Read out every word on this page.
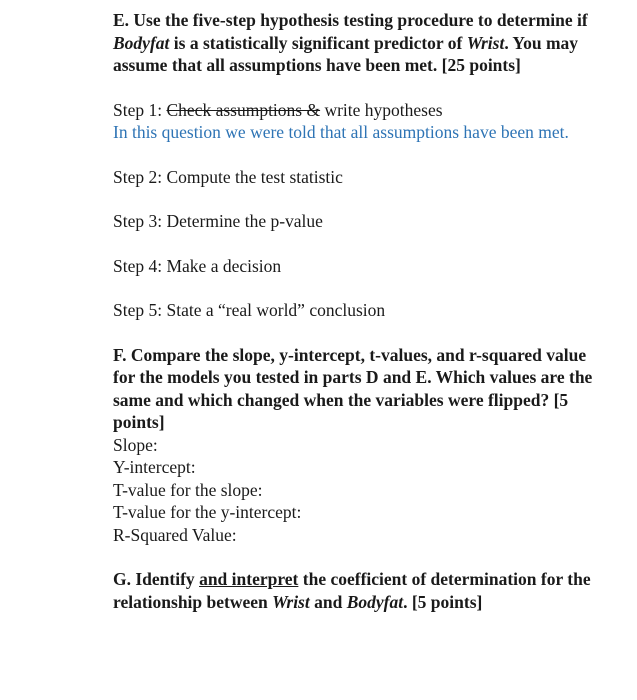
E. Use the five-step hypothesis testing procedure to determine if Bodyfat is a statistically significant predictor of Wrist. You may assume that all assumptions have been met. [25 points]

Step 1: Check assumptions & write hypotheses

In this question we were told that all assumptions have been met.

Step 2: Compute the test statistic

Step 3: Determine the p-value

Step 4: Make a decision

Step 5: State a “real world” conclusion

F. Compare the slope, y-intercept, t-values, and r-squared value for the models you tested in parts D and E. Which values are the same and which changed when the variables were flipped? [5 points]

Slope:

Y-intercept:

T-value for the slope:

T-value for the y-intercept:

R-Squared Value:

G. Identify and interpret the coefficient of determination for the relationship between Wrist and Bodyfat. [5 points]
